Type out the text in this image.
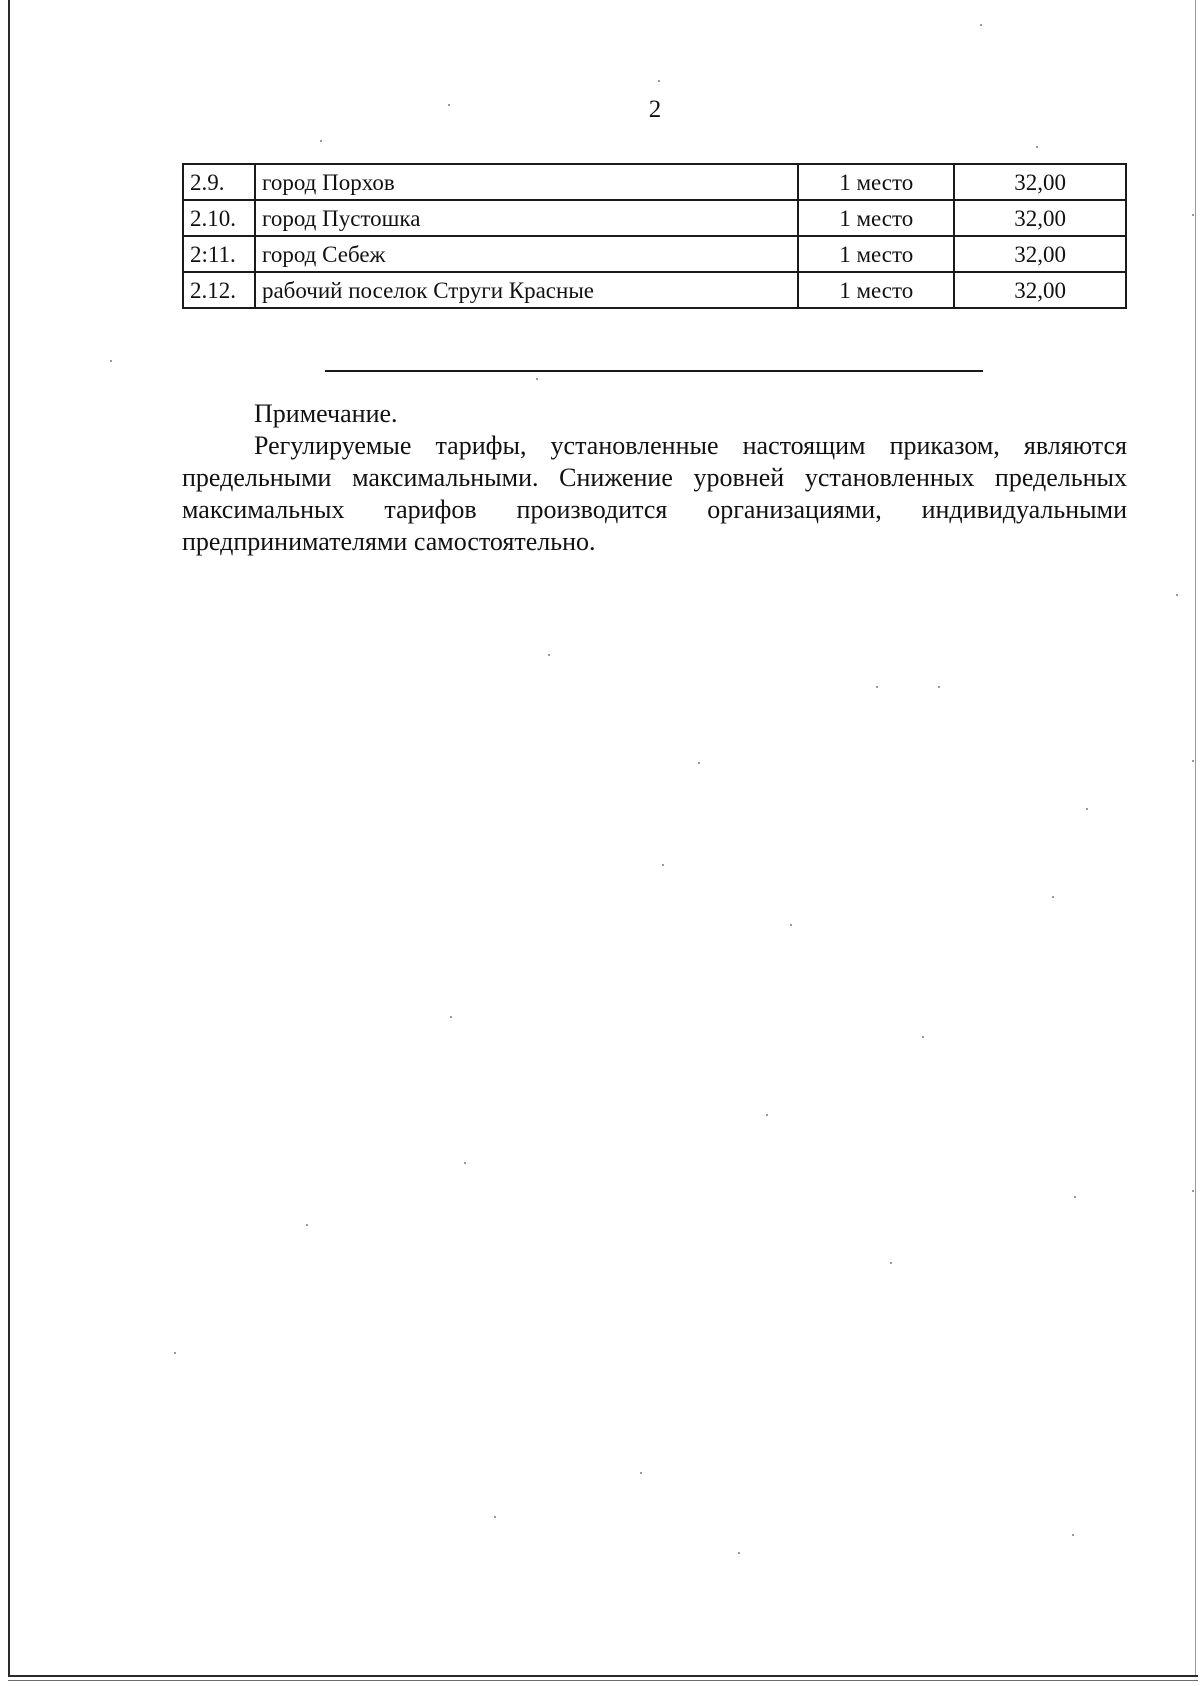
2
2.9.	город Порхов	1 место	32,00
2.10.	город Пустошка	1 место	32,00
2:11.	город Себеж	1 место	32,00
2.12.	рабочий поселок Струги Красные	1 место	32,00

Примечание.

Регулируемые тарифы, установленные настоящим приказом, являются предельными максимальными. Снижение уровней установленных предельных максимальных тарифов производится организациями, индивидуальными предпринимателями самостоятельно.
